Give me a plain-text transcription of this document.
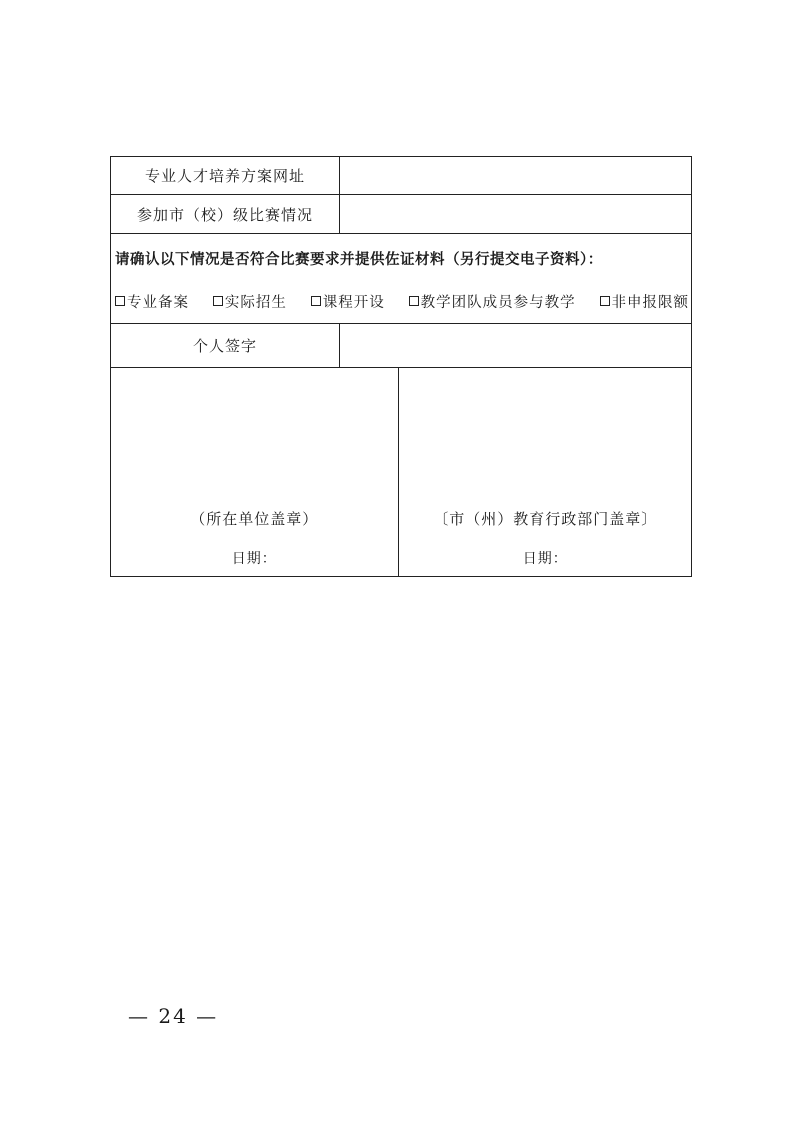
专业人才培养方案网址	
参加市（校）级比赛情况	

请确认以下情况是否符合比赛要求并提供佐证材料（另行提交电子资料）：
专业备案 实际招生 课程开设 教学团队成员参与教学 非申报限额

个人签字	

（所在单位盖章）
日期：

〔市（州）教育行政部门盖章〕
日期：
— 24 —
